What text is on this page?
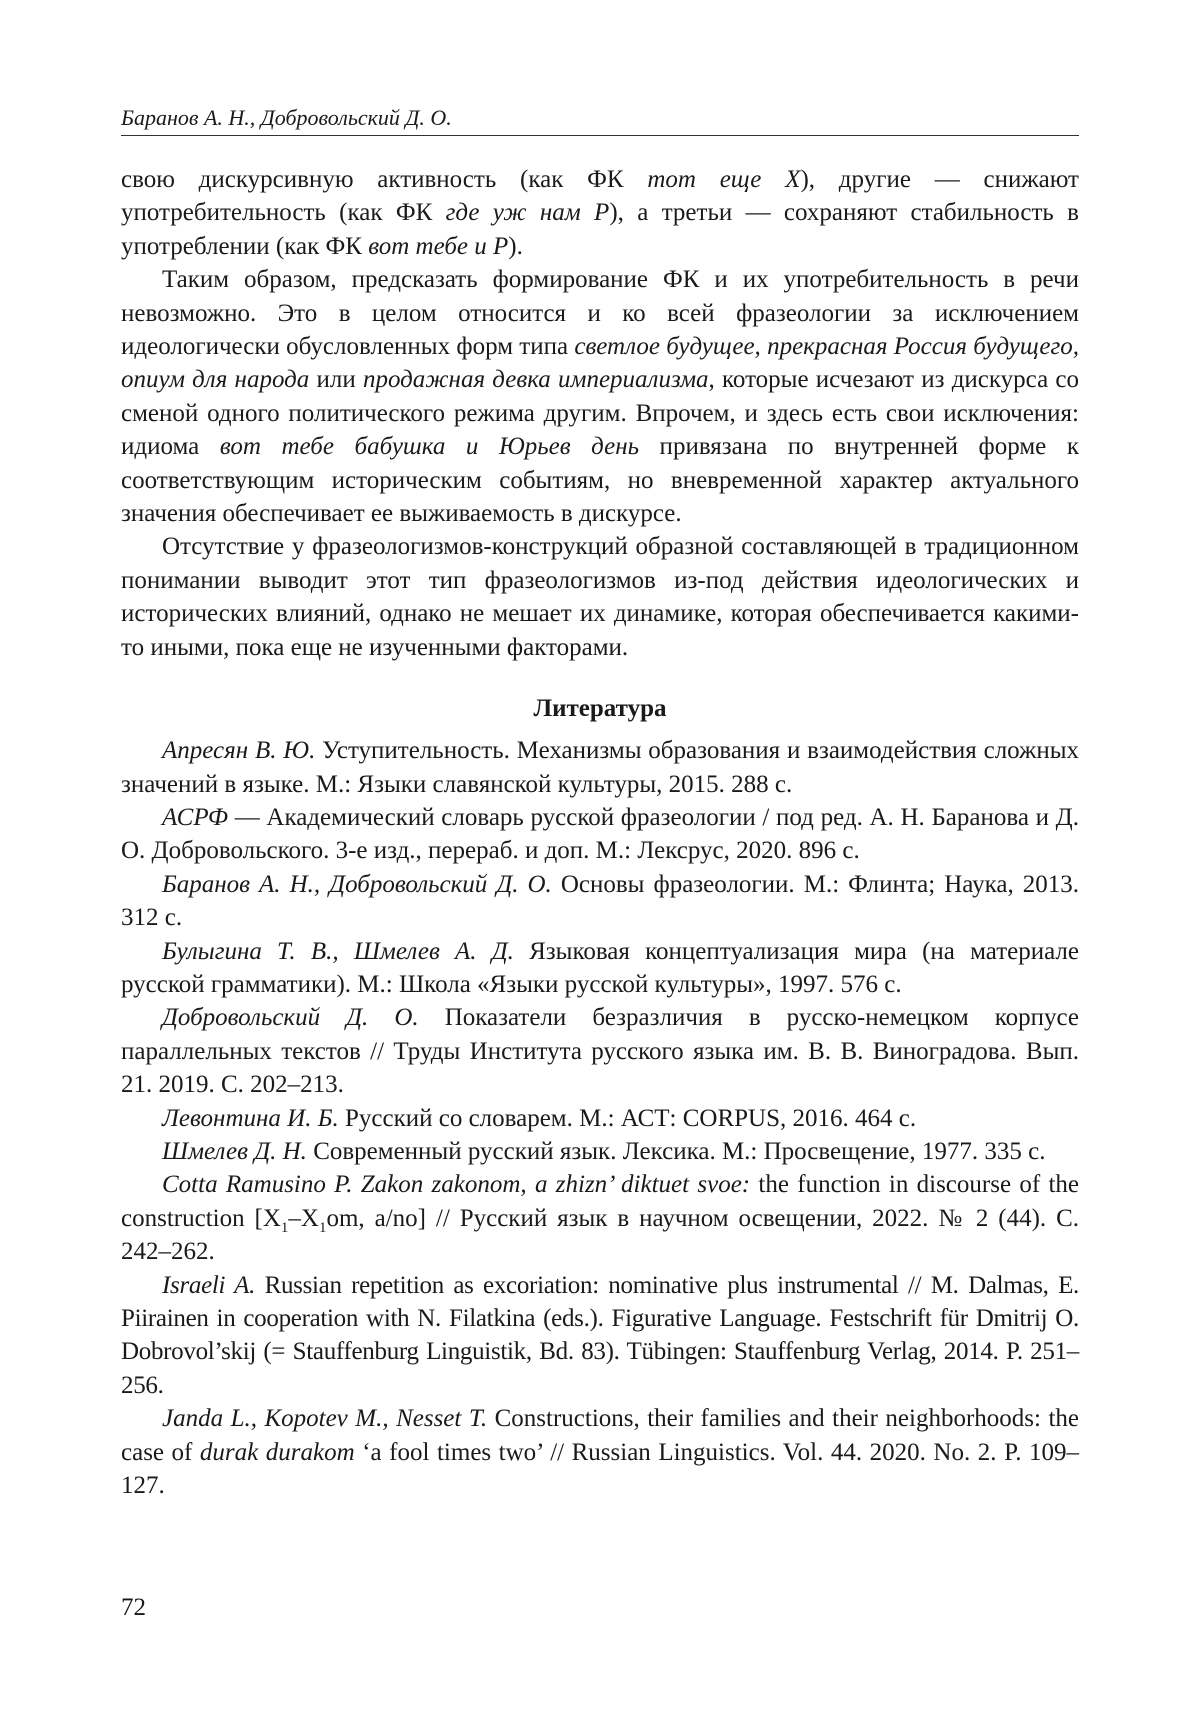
Баранов А. Н., Добровольский Д. О.

свою дискурсивную активность (как ФК тот еще X), другие — снижают употребительность (как ФК где уж нам P), а третьи — сохраняют стабильность в употреблении (как ФК вот тебе и P).

Таким образом, предсказать формирование ФК и их употребительность в речи невозможно. Это в целом относится и ко всей фразеологии за исключением идеологически обусловленных форм типа светлое будущее, прекрасная Россия будущего, опиум для народа или продажная девка империализма, которые исчезают из дискурса со сменой одного политического режима другим. Впрочем, и здесь есть свои исключения: идиома вот тебе бабушка и Юрьев день привязана по внутренней форме к соответствующим историческим событиям, но вневременной характер актуального значения обеспечивает ее выживаемость в дискурсе.

Отсутствие у фразеологизмов-конструкций образной составляющей в традиционном понимании выводит этот тип фразеологизмов из-под действия идеологических и исторических влияний, однако не мешает их динамике, которая обеспечивается какими-то иными, пока еще не изученными факторами.

Литература

Апресян В. Ю. Уступительность. Механизмы образования и взаимодействия сложных значений в языке. М.: Языки славянской культуры, 2015. 288 с.

АСРФ — Академический словарь русской фразеологии / под ред. А. Н. Баранова и Д. О. Добровольского. 3-е изд., перераб. и доп. М.: Лексрус, 2020. 896 с.

Баранов А. Н., Добровольский Д. О. Основы фразеологии. М.: Флинта; Наука, 2013. 312 с.

Булыгина Т. В., Шмелев А. Д. Языковая концептуализация мира (на материале русской грамматики). М.: Школа «Языки русской культуры», 1997. 576 с.

Добровольский Д. О. Показатели безразличия в русско-немецком корпусе параллельных текстов // Труды Института русского языка им. В. В. Виноградова. Вып. 21. 2019. С. 202–213.

Левонтина И. Б. Русский со словарем. М.: АСТ: CORPUS, 2016. 464 с.

Шмелев Д. Н. Современный русский язык. Лексика. М.: Просвещение, 1977. 335 с.

Cotta Ramusino P. Zakon zakonom, a zhizn’ diktuet svoe: the function in discourse of the construction [$X_1-X_1om$, a/no] // Русский язык в научном освещении, 2022. № 2 (44). С. 242–262.

Israeli A. Russian repetition as excoriation: nominative plus instrumental // M. Dalmas, E. Piirainen in cooperation with N. Filatkina (eds.). Figurative Language. Festschrift für Dmitrij O. Dobrovol’skij (= Stauffenburg Linguistik, Bd. 83). Tübingen: Stauffenburg Verlag, 2014. P. 251–256.

Janda L., Kopotev M., Nesset T. Constructions, their families and their neighborhoods: the case of durak durakom ‘a fool times two’ // Russian Linguistics. Vol. 44. 2020. No. 2. P. 109–127.

72
